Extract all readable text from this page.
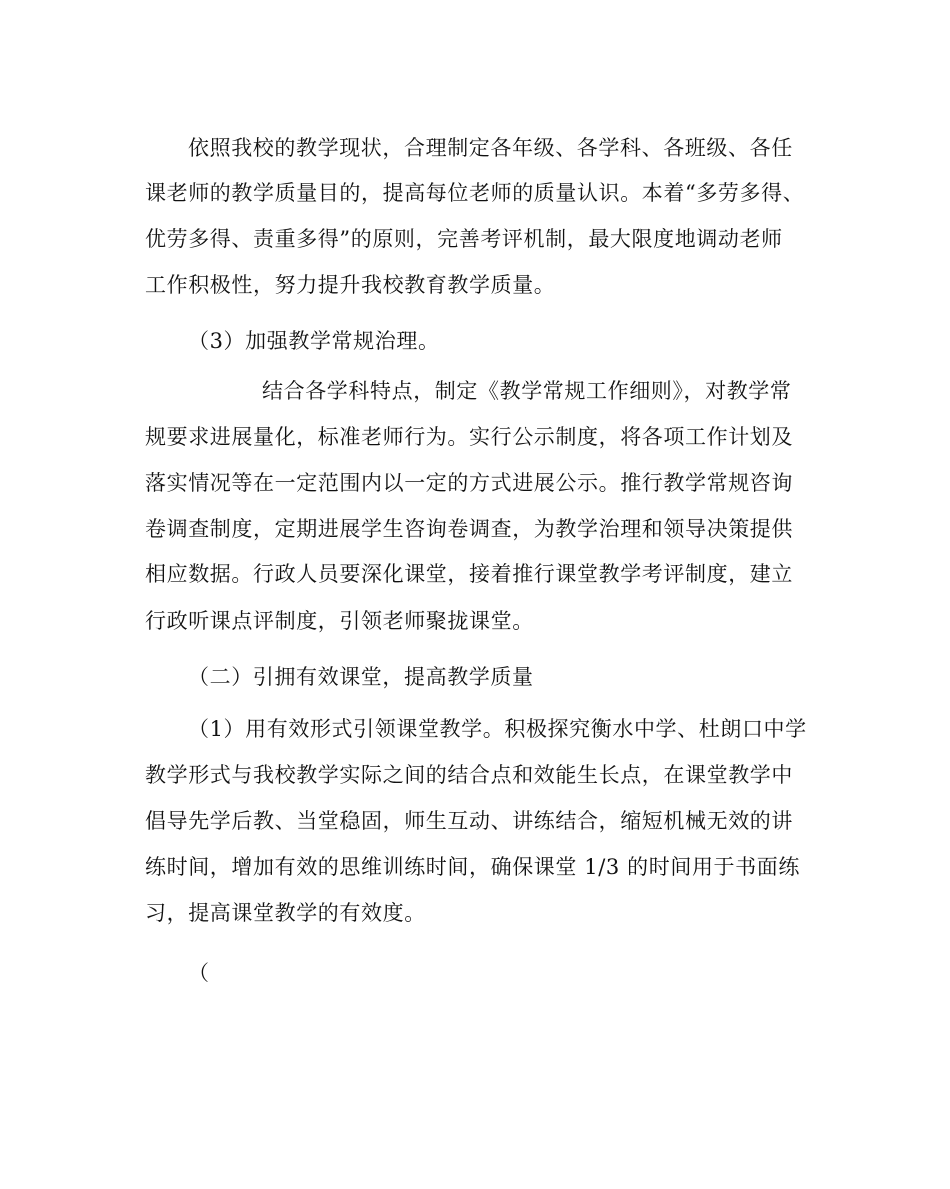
依照我校的教学现状，合理制定各年级、各学科、各班级、各任
课老师的教学质量目的，提高每位老师的质量认识。本着“多劳多得、
优劳多得、责重多得”的原则，完善考评机制，最大限度地调动老师
工作积极性，努力提升我校教育教学质量。
（3）加强教学常规治理。
结合各学科特点，制定《教学常规工作细则》，对教学常
规要求进展量化，标准老师行为。实行公示制度，将各项工作计划及
落实情况等在一定范围内以一定的方式进展公示。推行教学常规咨询
卷调查制度，定期进展学生咨询卷调查，为教学治理和领导决策提供
相应数据。行政人员要深化课堂，接着推行课堂教学考评制度，建立
行政听课点评制度，引领老师聚拢课堂。
（二）引拥有效课堂，提高教学质量
（1）用有效形式引领课堂教学。积极探究衡水中学、杜朗口中学
教学形式与我校教学实际之间的结合点和效能生长点，在课堂教学中
倡导先学后教、当堂稳固，师生互动、讲练结合，缩短机械无效的讲
练时间，增加有效的思维训练时间，确保课堂 1/3 的时间用于书面练
习，提高课堂教学的有效度。
（
